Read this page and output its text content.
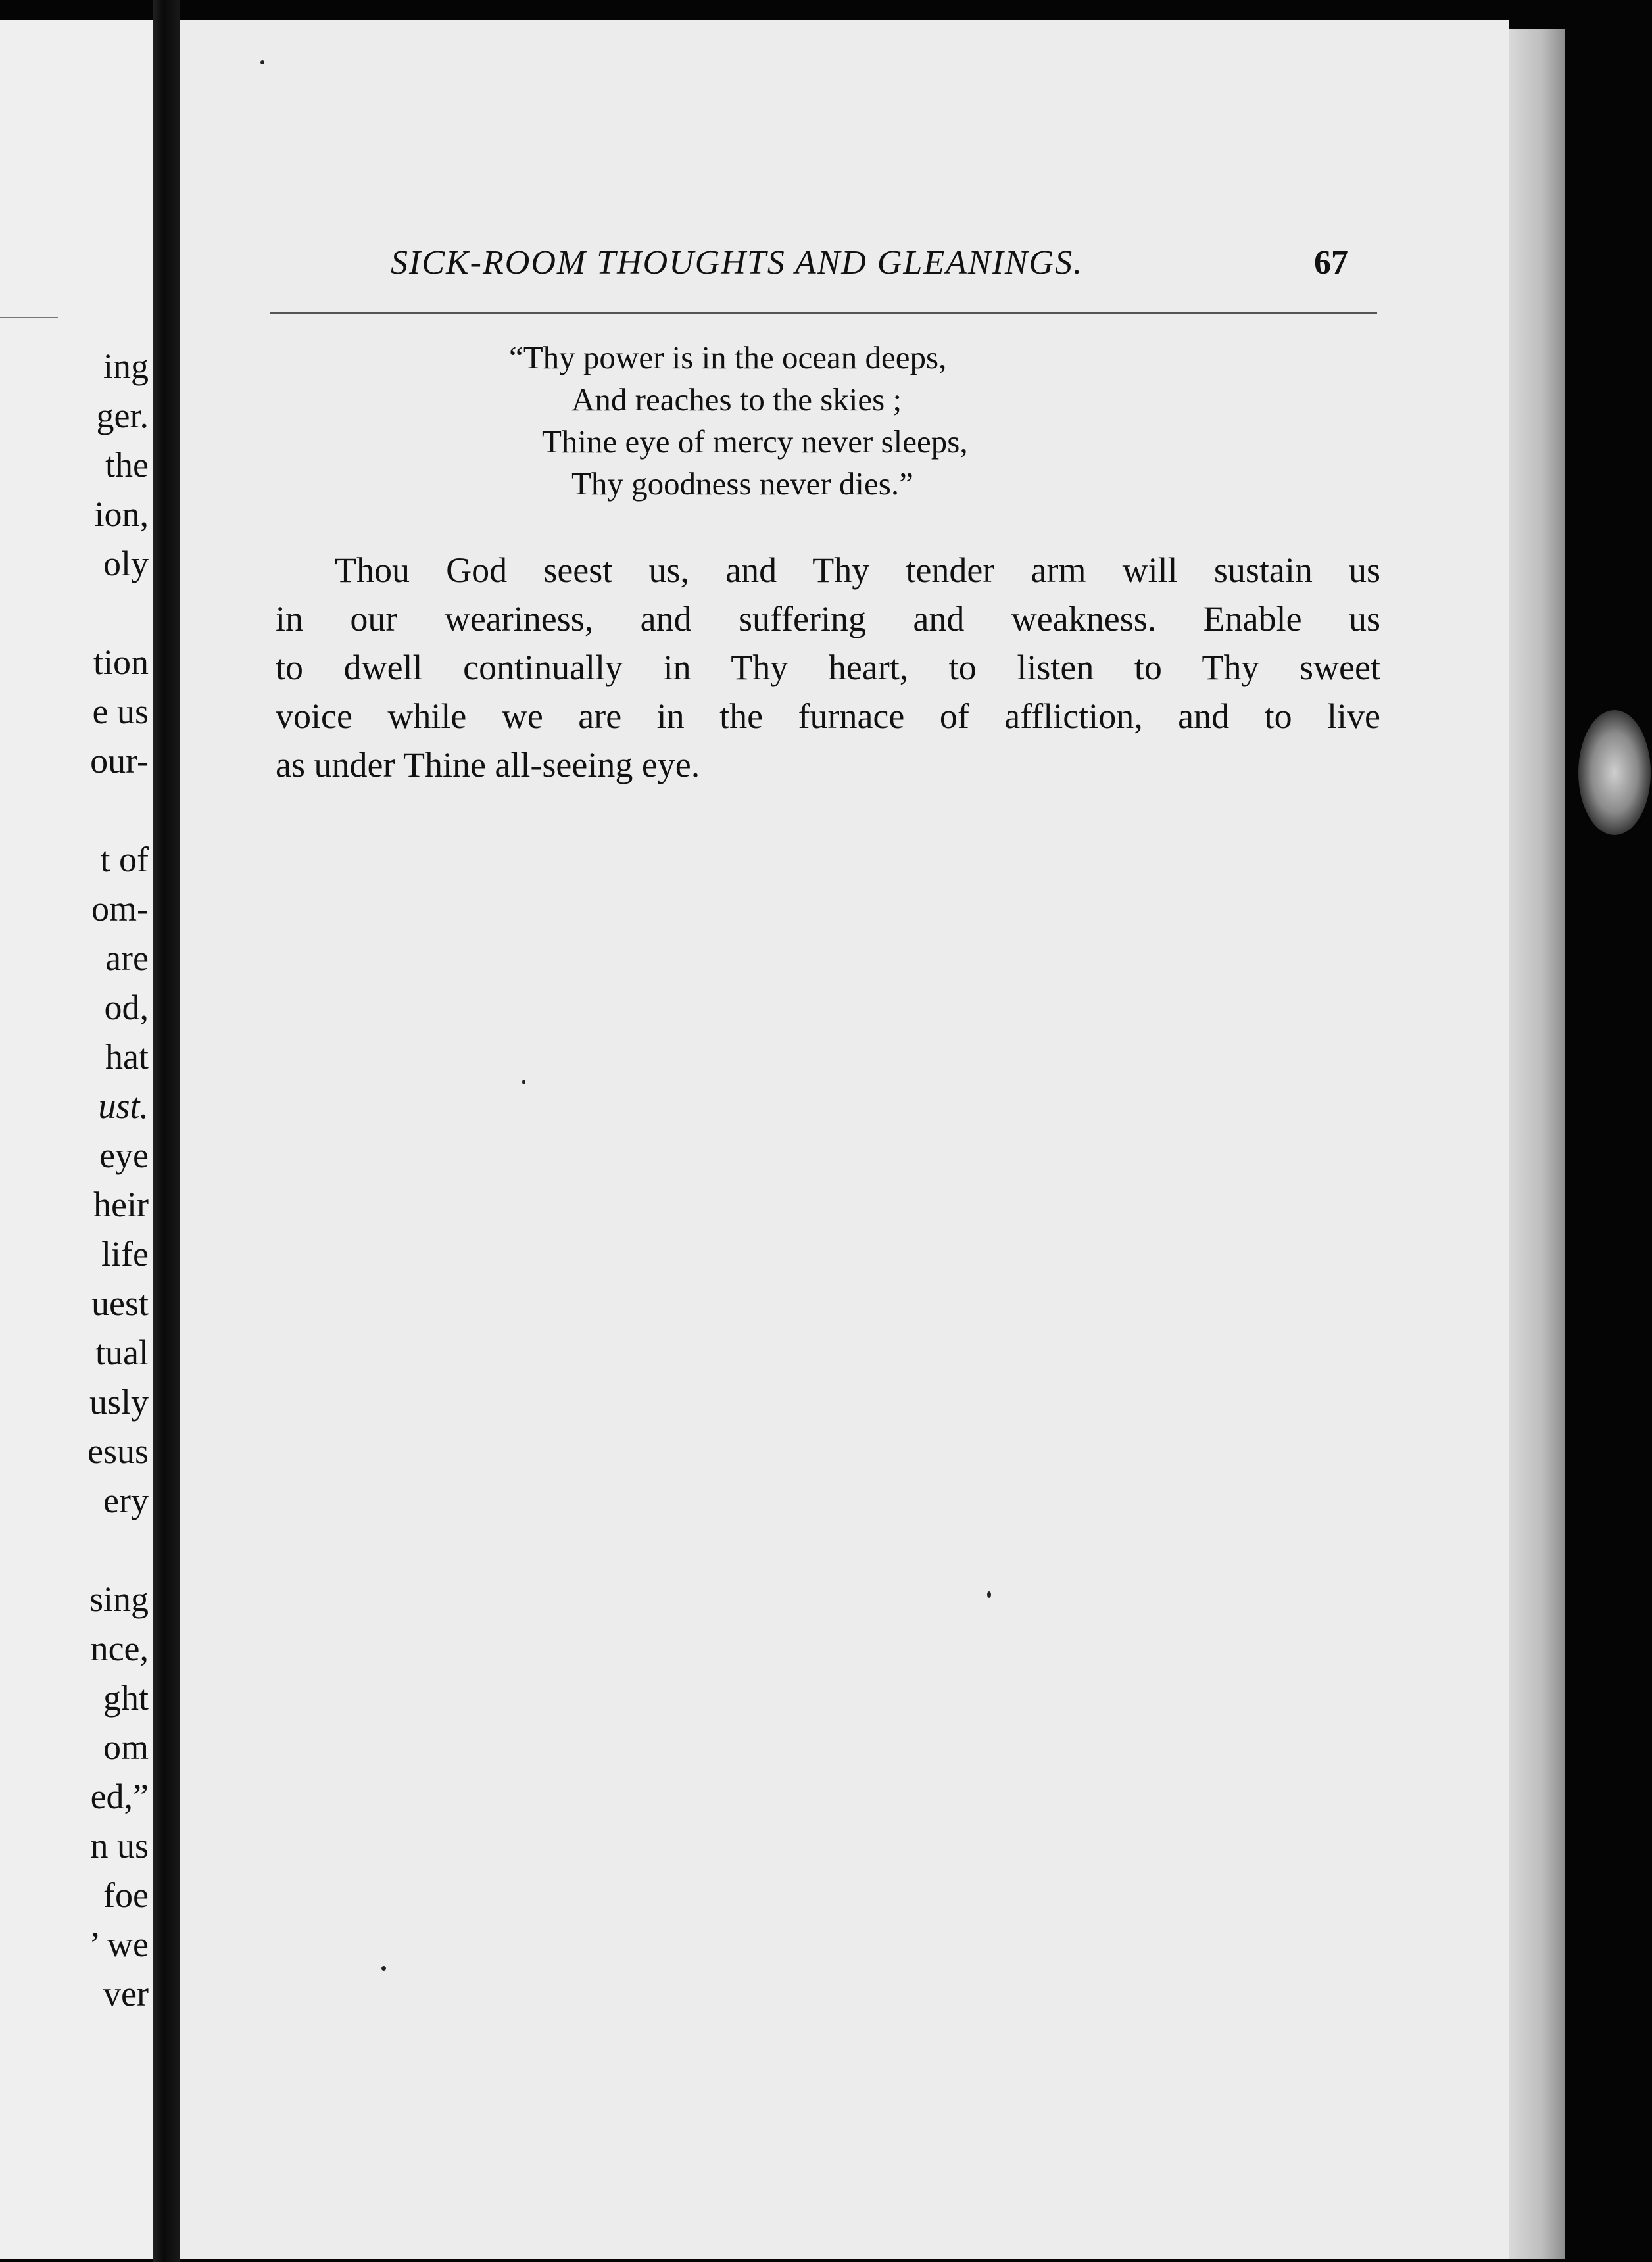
ing
ger.
the
ion,
oly
tion
e us
our-
t of
om-
are
od,
hat
ust.
eye
heir
life
uest
tual
usly
esus
ery
sing
nce,
ght
om
ed,”
n us
foe
’ we
ver
SICK-ROOM THOUGHTS AND GLEANINGS.	67
“Thy power is in the ocean deeps,
And reaches to the skies ;
Thine eye of mercy never sleeps,
Thy goodness never dies.”
Thou God seest us, and Thy tender arm will sustain us
in our weariness, and suffering and weakness. Enable us
to dwell continually in Thy heart, to listen to Thy sweet
voice while we are in the furnace of affliction, and to live
as under Thine all-seeing eye.
